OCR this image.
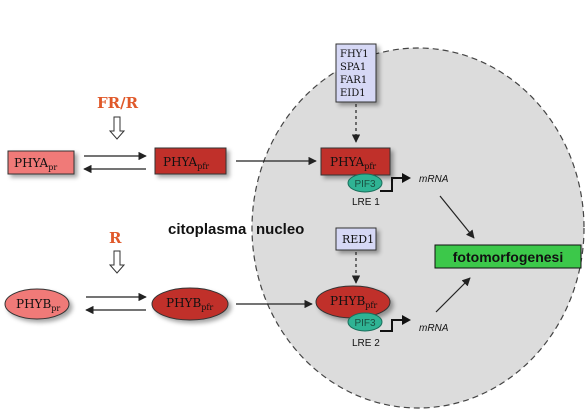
citoplasma nucleo
FR/R
R
$PHYA_{pr}$	$PHYA_{pfr}$
FHY1
SPA1
FAR1
EID1
$PHYA_{pfr}$
PIF3
LRE 1
mRNA
RED1
fotomorfogenesi
$PHYB_{pr}$	$PHYB_{pfr}$	$PHYB_{pfr}$
PIF3
LRE 2
mRNA
